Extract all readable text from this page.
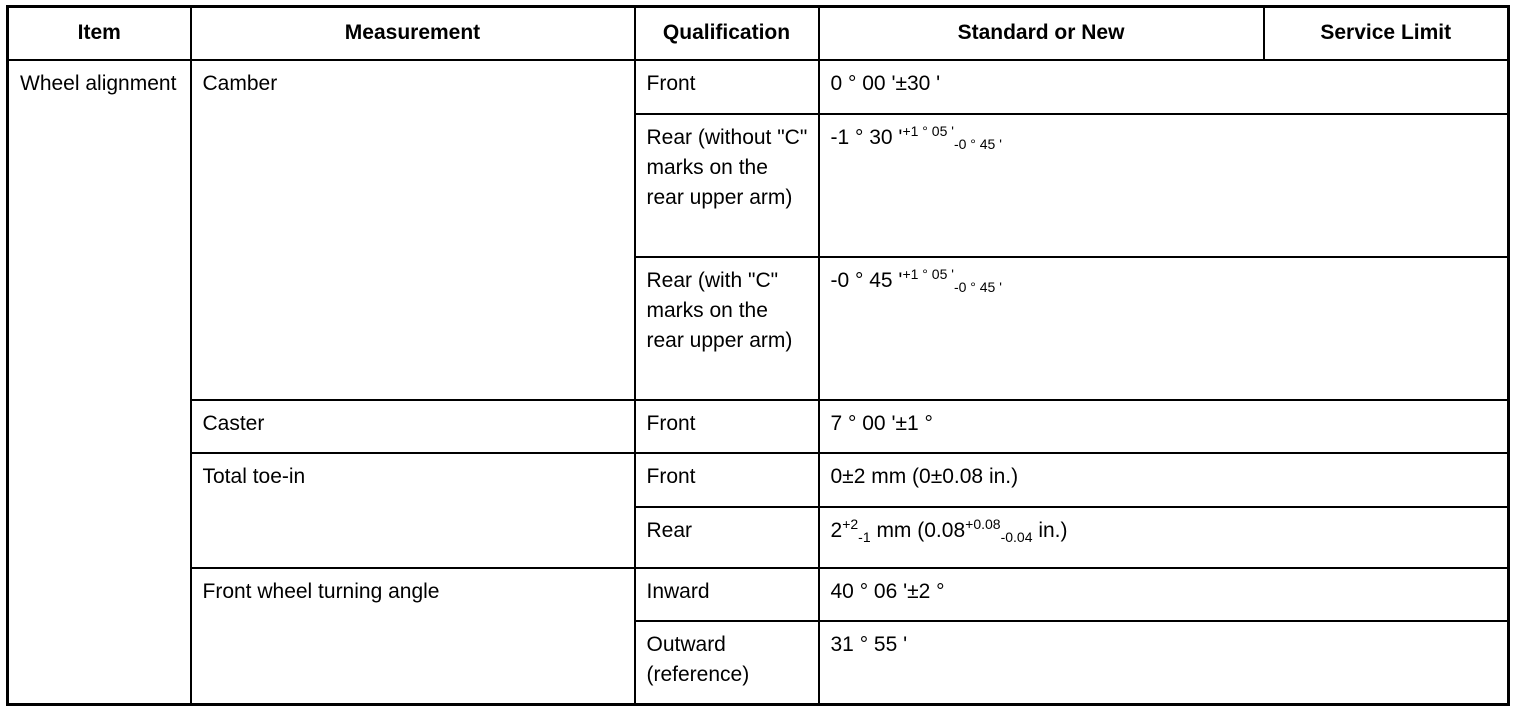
Item	Measurement	Qualification	Standard or New	Service Limit
Wheel alignment	Camber	Front	0 ° 00 '±30 '	
		Rear (without "C" marks on the rear upper arm)	-1 ° 30 '$^{+1 ^\circ 05 '}_{-0 ^\circ 45 '}$
		Rear (with "C" marks on the rear upper arm)	-0 ° 45 '$^{+1 ^\circ 05 '}_{-0 ^\circ 45 '}$
	Caster	Front	7 ° 00 '±1 °	
	Total toe-in	Front	0±2 mm (0±0.08 in.)	
		Rear	$2^{+2}_{-1}$ mm ($0.08^{+0.08}_{-0.04}$ in.)	
	Front wheel turning angle	Inward	40 ° 06 '±2 °	
		Outward (reference)	31 ° 55 '	
